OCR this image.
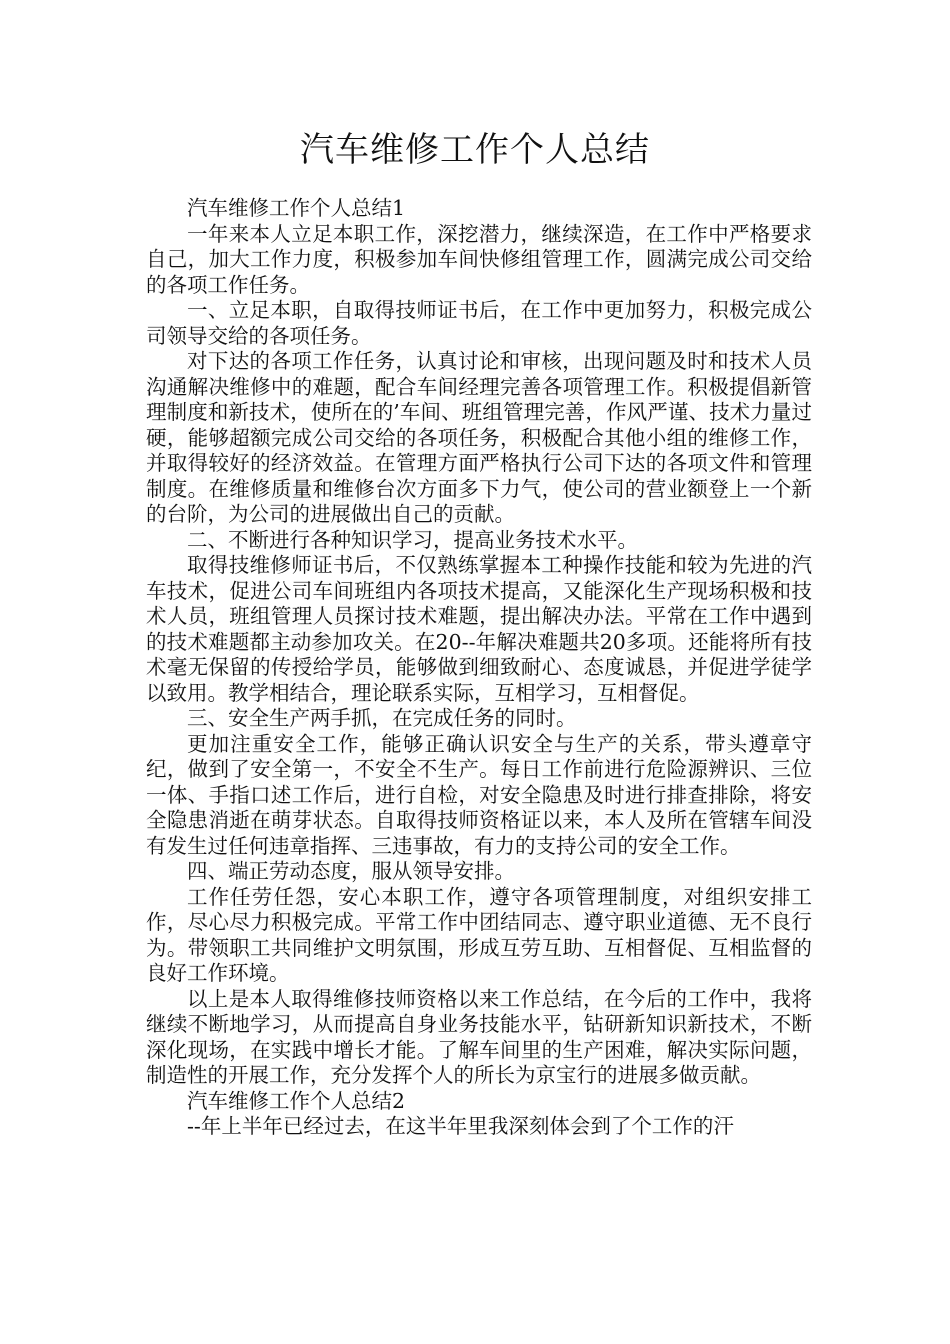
汽车维修工作个人总结

汽车维修工作个人总结1

一年来本人立足本职工作，深挖潜力，继续深造，在工作中严格要求自己，加大工作力度，积极参加车间快修组管理工作，圆满完成公司交给的各项工作任务。

一、立足本职，自取得技师证书后，在工作中更加努力，积极完成公司领导交给的各项任务。

对下达的各项工作任务，认真讨论和审核，出现问题及时和技术人员沟通解决维修中的难题，配合车间经理完善各项管理工作。积极提倡新管理制度和新技术，使所在的’车间、班组管理完善，作风严谨、技术力量过硬，能够超额完成公司交给的各项任务，积极配合其他小组的维修工作，并取得较好的经济效益。在管理方面严格执行公司下达的各项文件和管理制度。在维修质量和维修台次方面多下力气，使公司的营业额登上一个新的台阶，为公司的进展做出自己的贡献。

二、不断进行各种知识学习，提高业务技术水平。

取得技维修师证书后，不仅熟练掌握本工种操作技能和较为先进的汽车技术，促进公司车间班组内各项技术提高，又能深化生产现场积极和技术人员，班组管理人员探讨技术难题，提出解决办法。平常在工作中遇到的技术难题都主动参加攻关。在20--年解决难题共20多项。还能将所有技术毫无保留的传授给学员，能够做到细致耐心、态度诚恳，并促进学徒学以致用。教学相结合，理论联系实际，互相学习，互相督促。

三、安全生产两手抓，在完成任务的同时。

更加注重安全工作，能够正确认识安全与生产的关系，带头遵章守纪，做到了安全第一，不安全不生产。每日工作前进行危险源辨识、三位一体、手指口述工作后，进行自检，对安全隐患及时进行排查排除，将安全隐患消逝在萌芽状态。自取得技师资格证以来，本人及所在管辖车间没有发生过任何违章指挥、三违事故，有力的支持公司的安全工作。

四、端正劳动态度，服从领导安排。

工作任劳任怨，安心本职工作，遵守各项管理制度，对组织安排工作，尽心尽力积极完成。平常工作中团结同志、遵守职业道德、无不良行为。带领职工共同维护文明氛围，形成互劳互助、互相督促、互相监督的良好工作环境。

以上是本人取得维修技师资格以来工作总结，在今后的工作中，我将继续不断地学习，从而提高自身业务技能水平，钻研新知识新技术，不断深化现场，在实践中增长才能。了解车间里的生产困难，解决实际问题，制造性的开展工作，充分发挥个人的所长为京宝行的进展多做贡献。

汽车维修工作个人总结2

--年上半年已经过去，在这半年里我深刻体会到了个工作的汗
